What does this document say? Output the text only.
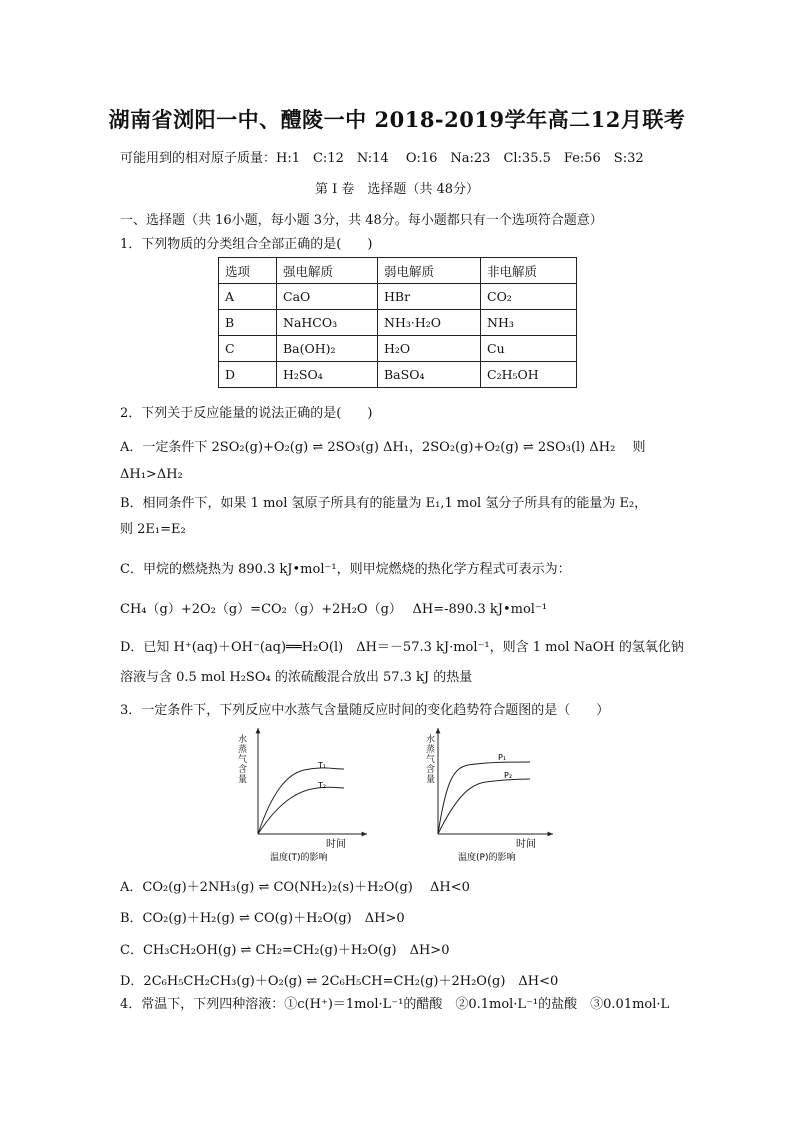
湖南省浏阳一中、醴陵一中 2018-2019学年高二12月联考
可能用到的相对原子质量：H:1　C:12　N:14　 O:16　Na:23　Cl:35.5　Fe:56　S:32
第 I 卷　选择题（共 48分）
一、选择题（共 16小题，每小题 3分，共 48分。每小题都只有一个选项符合题意）
1．下列物质的分类组合全部正确的是(　　)
选项	强电解质	弱电解质	非电解质
A	CaO	HBr	CO₂
B	NaHCO₃	NH₃·H₂O	NH₃
C	Ba(OH)₂	H₂O	Cu
D	H₂SO₄	BaSO₄	C₂H₅OH
2．下列关于反应能量的说法正确的是(　　)
A．一定条件下 2SO₂(g)+O₂(g) ⇌ 2SO₃(g) ΔH₁，2SO₂(g)+O₂(g) ⇌ 2SO₃(l) ΔH₂　 则
ΔH₁>ΔH₂
B．相同条件下，如果 1 mol 氢原子所具有的能量为 E₁,1 mol 氢分子所具有的能量为 E₂，
则 2E₁=E₂
C．甲烷的燃烧热为 890.3 kJ•mol⁻¹，则甲烷燃烧的热化学方程式可表示为：
CH₄（g）+2O₂（g）=CO₂（g）+2H₂O（g）　 ΔH=-890.3 kJ•mol⁻¹
D．已知 H⁺(aq)＋OH⁻(aq)══H₂O(l)　ΔH＝－57.3 kJ·mol⁻¹，则含 1 mol NaOH 的氢氧化钠
溶液与含 0.5 mol H₂SO₄ 的浓硫酸混合放出 57.3 kJ 的热量
3．一定条件下，下列反应中水蒸气含量随反应时间的变化趋势符合题图的是（　　）
T₁
T₂
时间
温度(T)的影响
水蒸气含量
P₁
P₂
时间
温度(P)的影响
水蒸气含量
A．CO₂(g)＋2NH₃(g) ⇌ CO(NH₂)₂(s)＋H₂O(g)　 ΔH<0
B．CO₂(g)＋H₂(g) ⇌ CO(g)＋H₂O(g)　ΔH>0
C．CH₃CH₂OH(g) ⇌ CH₂=CH₂(g)＋H₂O(g)　ΔH>0
D．2C₆H₅CH₂CH₃(g)＋O₂(g) ⇌ 2C₆H₅CH=CH₂(g)＋2H₂O(g)　ΔH<0
4．常温下，下列四种溶液：①c(H⁺)＝1mol·L⁻¹的醋酸　②0.1mol·L⁻¹的盐酸　③0.01mol·L
